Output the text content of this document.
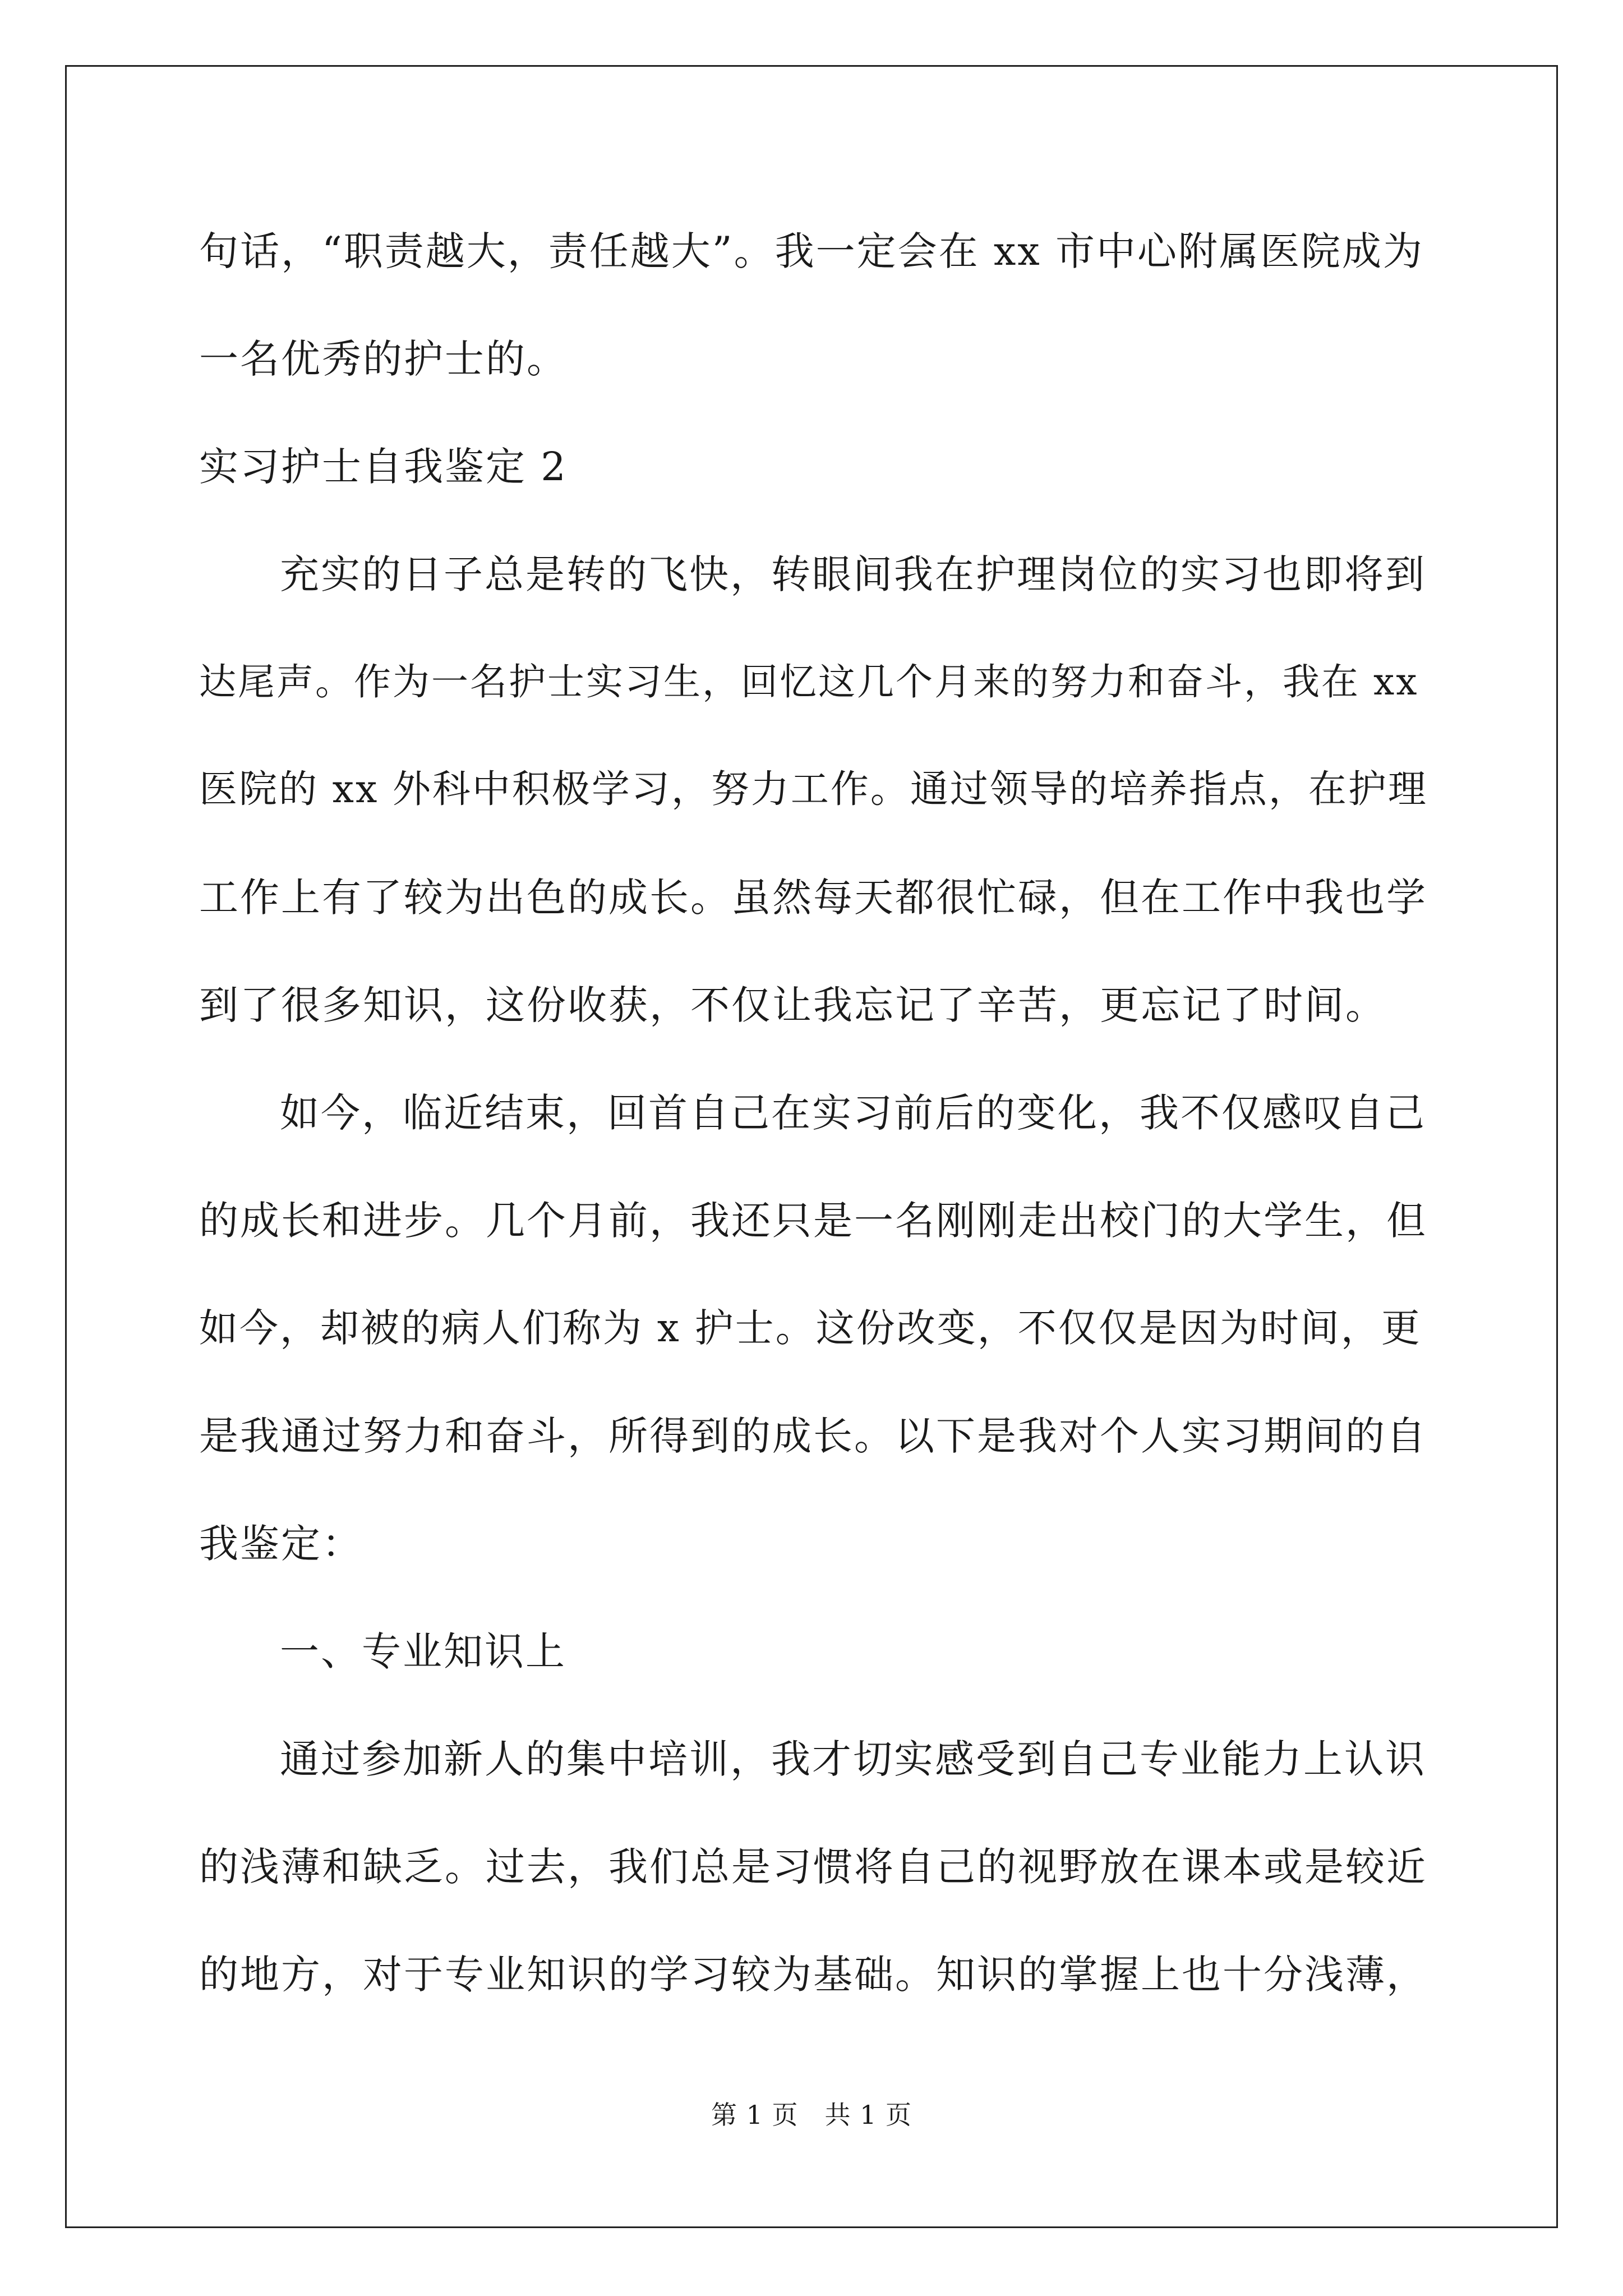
句话，“职责越大，责任越大”。我一定会在 xx 市中心附属医院成为
一名优秀的护士的。
实习护士自我鉴定 2
充实的日子总是转的飞快，转眼间我在护理岗位的实习也即将到
达尾声。作为一名护士实习生，回忆这几个月来的努力和奋斗，我在 xx
医院的 xx 外科中积极学习，努力工作。通过领导的培养指点，在护理
工作上有了较为出色的成长。虽然每天都很忙碌，但在工作中我也学
到了很多知识，这份收获，不仅让我忘记了辛苦，更忘记了时间。
如今，临近结束，回首自己在实习前后的变化，我不仅感叹自己
的成长和进步。几个月前，我还只是一名刚刚走出校门的大学生，但
如今，却被的病人们称为 x 护士。这份改变，不仅仅是因为时间，更
是我通过努力和奋斗，所得到的成长。以下是我对个人实习期间的自
我鉴定：
一、专业知识上
通过参加新人的集中培训，我才切实感受到自己专业能力上认识
的浅薄和缺乏。过去，我们总是习惯将自己的视野放在课本或是较近
的地方，对于专业知识的学习较为基础。知识的掌握上也十分浅薄，
第 1 页　共 1 页
